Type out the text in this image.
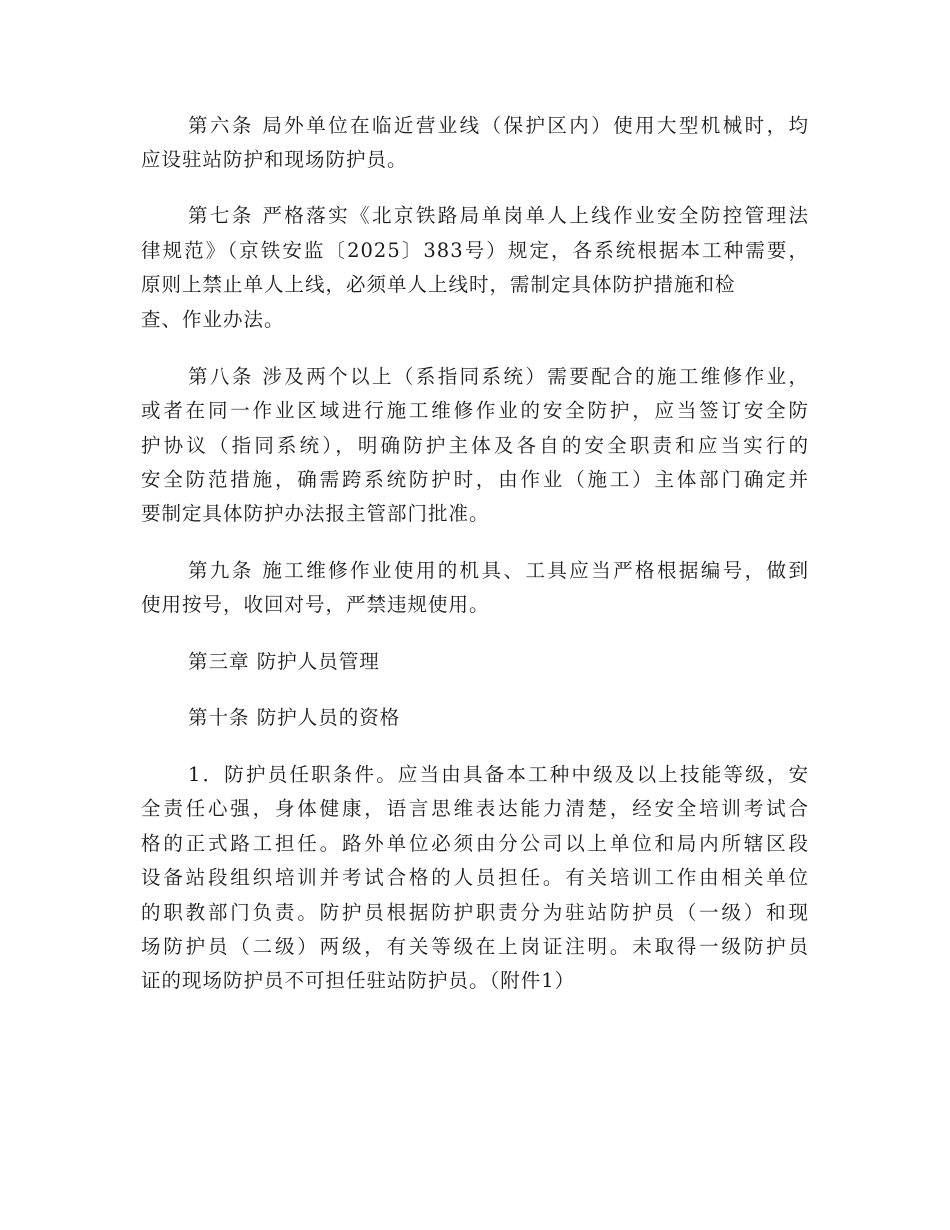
第六条 局外单位在临近营业线（保护区内）使用大型机械时，均
应设驻站防护和现场防护员。
第七条 严格落实《北京铁路局单岗单人上线作业安全防控管理法
律规范》（京铁安监〔2025〕383号）规定，各系统根据本工种需要，
原则上禁止单人上线，必须单人上线时，需制定具体防护措施和检
查、作业办法。
第八条 涉及两个以上（系指同系统）需要配合的施工维修作业，
或者在同一作业区域进行施工维修作业的安全防护，应当签订安全防
护协议（指同系统），明确防护主体及各自的安全职责和应当实行的
安全防范措施，确需跨系统防护时，由作业（施工）主体部门确定并
要制定具体防护办法报主管部门批准。
第九条 施工维修作业使用的机具、工具应当严格根据编号，做到
使用按号，收回对号，严禁违规使用。
第三章 防护人员管理
第十条 防护人员的资格
1．防护员任职条件。应当由具备本工种中级及以上技能等级，安
全责任心强，身体健康，语言思维表达能力清楚，经安全培训考试合
格的正式路工担任。路外单位必须由分公司以上单位和局内所辖区段
设备站段组织培训并考试合格的人员担任。有关培训工作由相关单位
的职教部门负责。防护员根据防护职责分为驻站防护员（一级）和现
场防护员（二级）两级，有关等级在上岗证注明。未取得一级防护员
证的现场防护员不可担任驻站防护员。（附件1）
